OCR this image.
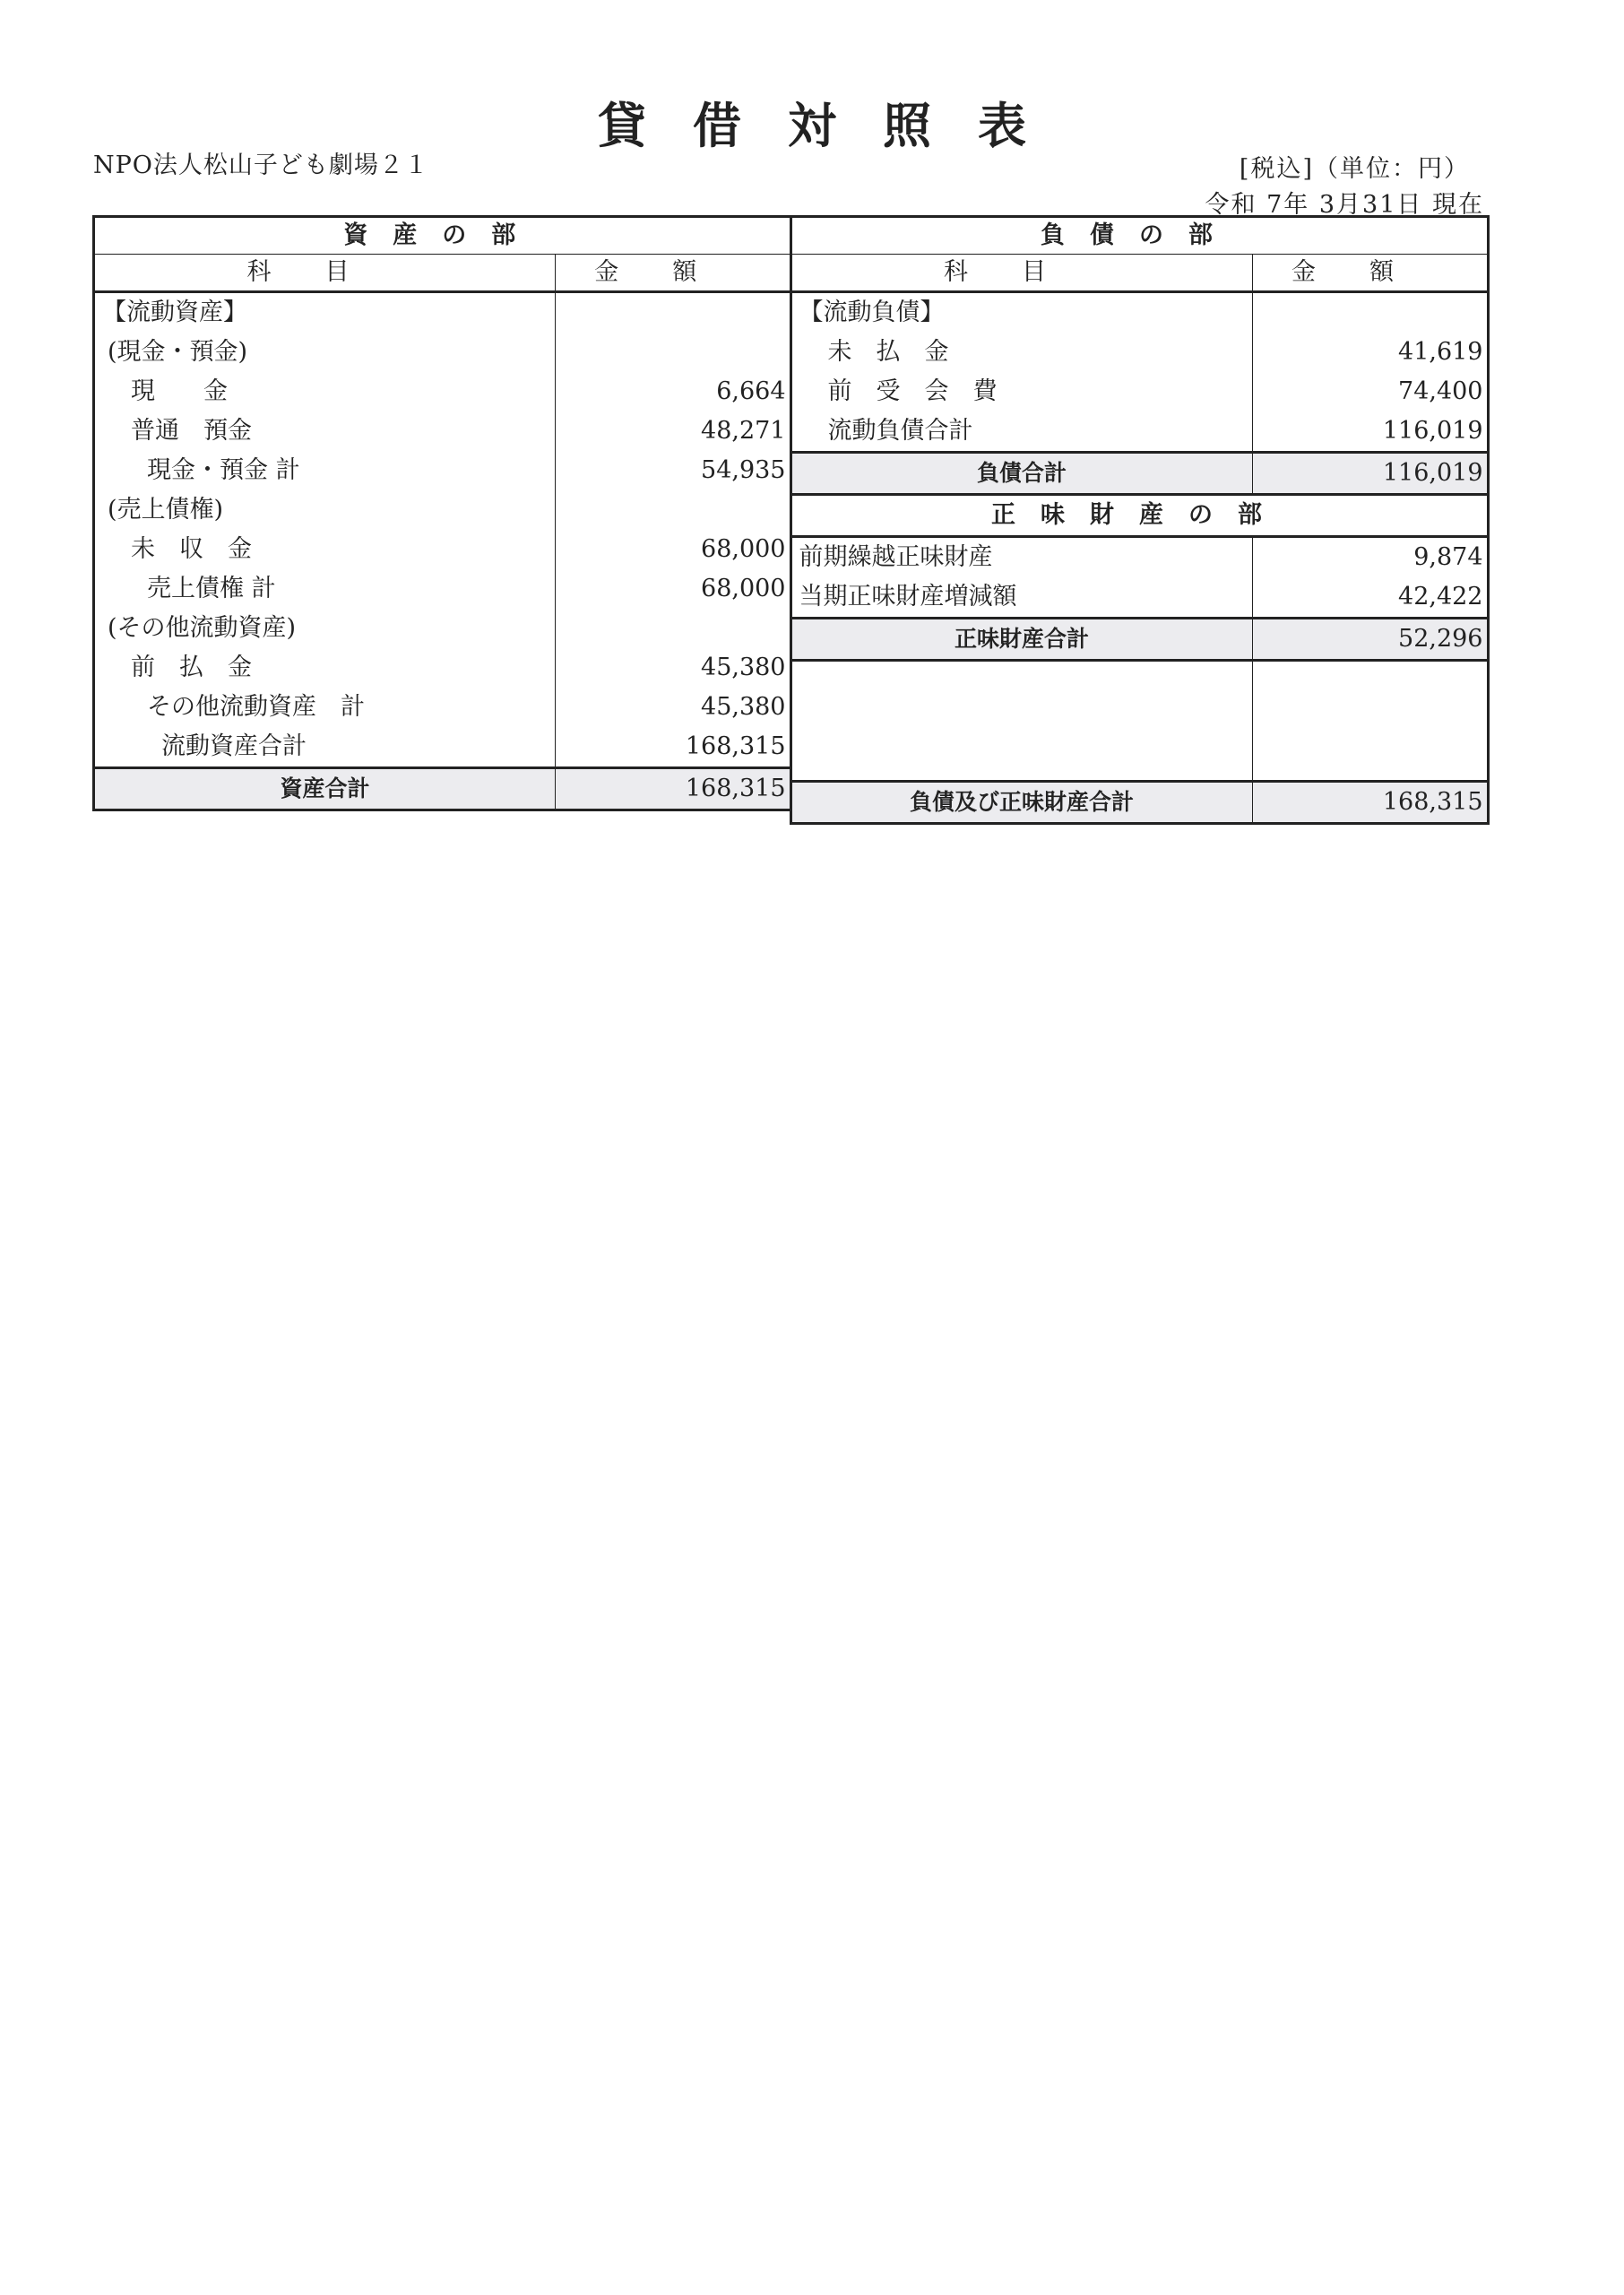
貸借対照表
NPO法人松山子ども劇場２１	[税込]（単位：円）
令和 7年 3月31日 現在
資産の部	
科目	金額
【流動資産】	
(現金・預金)	
現　　金	6,664
普通　預金	48,271
現金・預金 計	54,935
(売上債権)	
未　収　金	68,000
売上債権 計	68,000
(その他流動資産)	
前　払　金	45,380
その他流動資産　計	45,380
流動資産合計	168,315
資産合計	168,315
負債の部	
科目	金額
【流動負債】	
未　払　金	41,619
前　受　会　費	74,400
流動負債合計	116,019
負債合計	116,019
正味財産の部	
前期繰越正味財産	9,874
当期正味財産増減額	42,422
正味財産合計	52,296

負債及び正味財産合計	168,315
